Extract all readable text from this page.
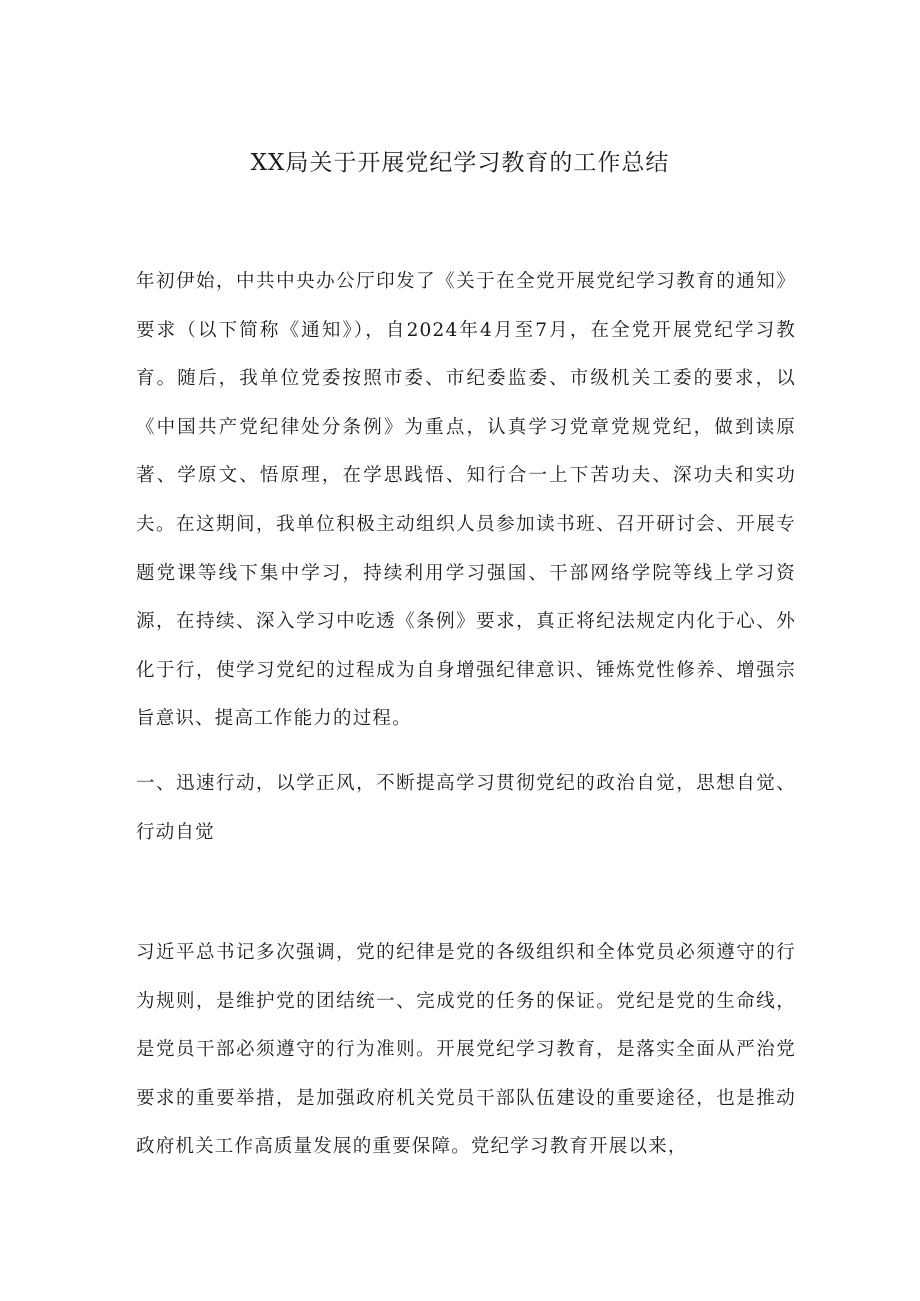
XX局关于开展党纪学习教育的工作总结

年初伊始，中共中央办公厅印发了《关于在全党开展党纪学习教育的通知》要求（以下简称《通知》），自2024年4月至7月，在全党开展党纪学习教育。随后，我单位党委按照市委、市纪委监委、市级机关工委的要求，以《中国共产党纪律处分条例》为重点，认真学习党章党规党纪，做到读原著、学原文、悟原理，在学思践悟、知行合一上下苦功夫、深功夫和实功夫。在这期间，我单位积极主动组织人员参加读书班、召开研讨会、开展专题党课等线下集中学习，持续利用学习强国、干部网络学院等线上学习资源，在持续、深入学习中吃透《条例》要求，真正将纪法规定内化于心、外化于行，使学习党纪的过程成为自身增强纪律意识、锤炼党性修养、增强宗旨意识、提高工作能力的过程。

一、迅速行动，以学正风，不断提高学习贯彻党纪的政治自觉，思想自觉、行动自觉

习近平总书记多次强调，党的纪律是党的各级组织和全体党员必须遵守的行为规则，是维护党的团结统一、完成党的任务的保证。党纪是党的生命线，是党员干部必须遵守的行为准则。开展党纪学习教育，是落实全面从严治党要求的重要举措，是加强政府机关党员干部队伍建设的重要途径，也是推动政府机关工作高质量发展的重要保障。党纪学习教育开展以来，
